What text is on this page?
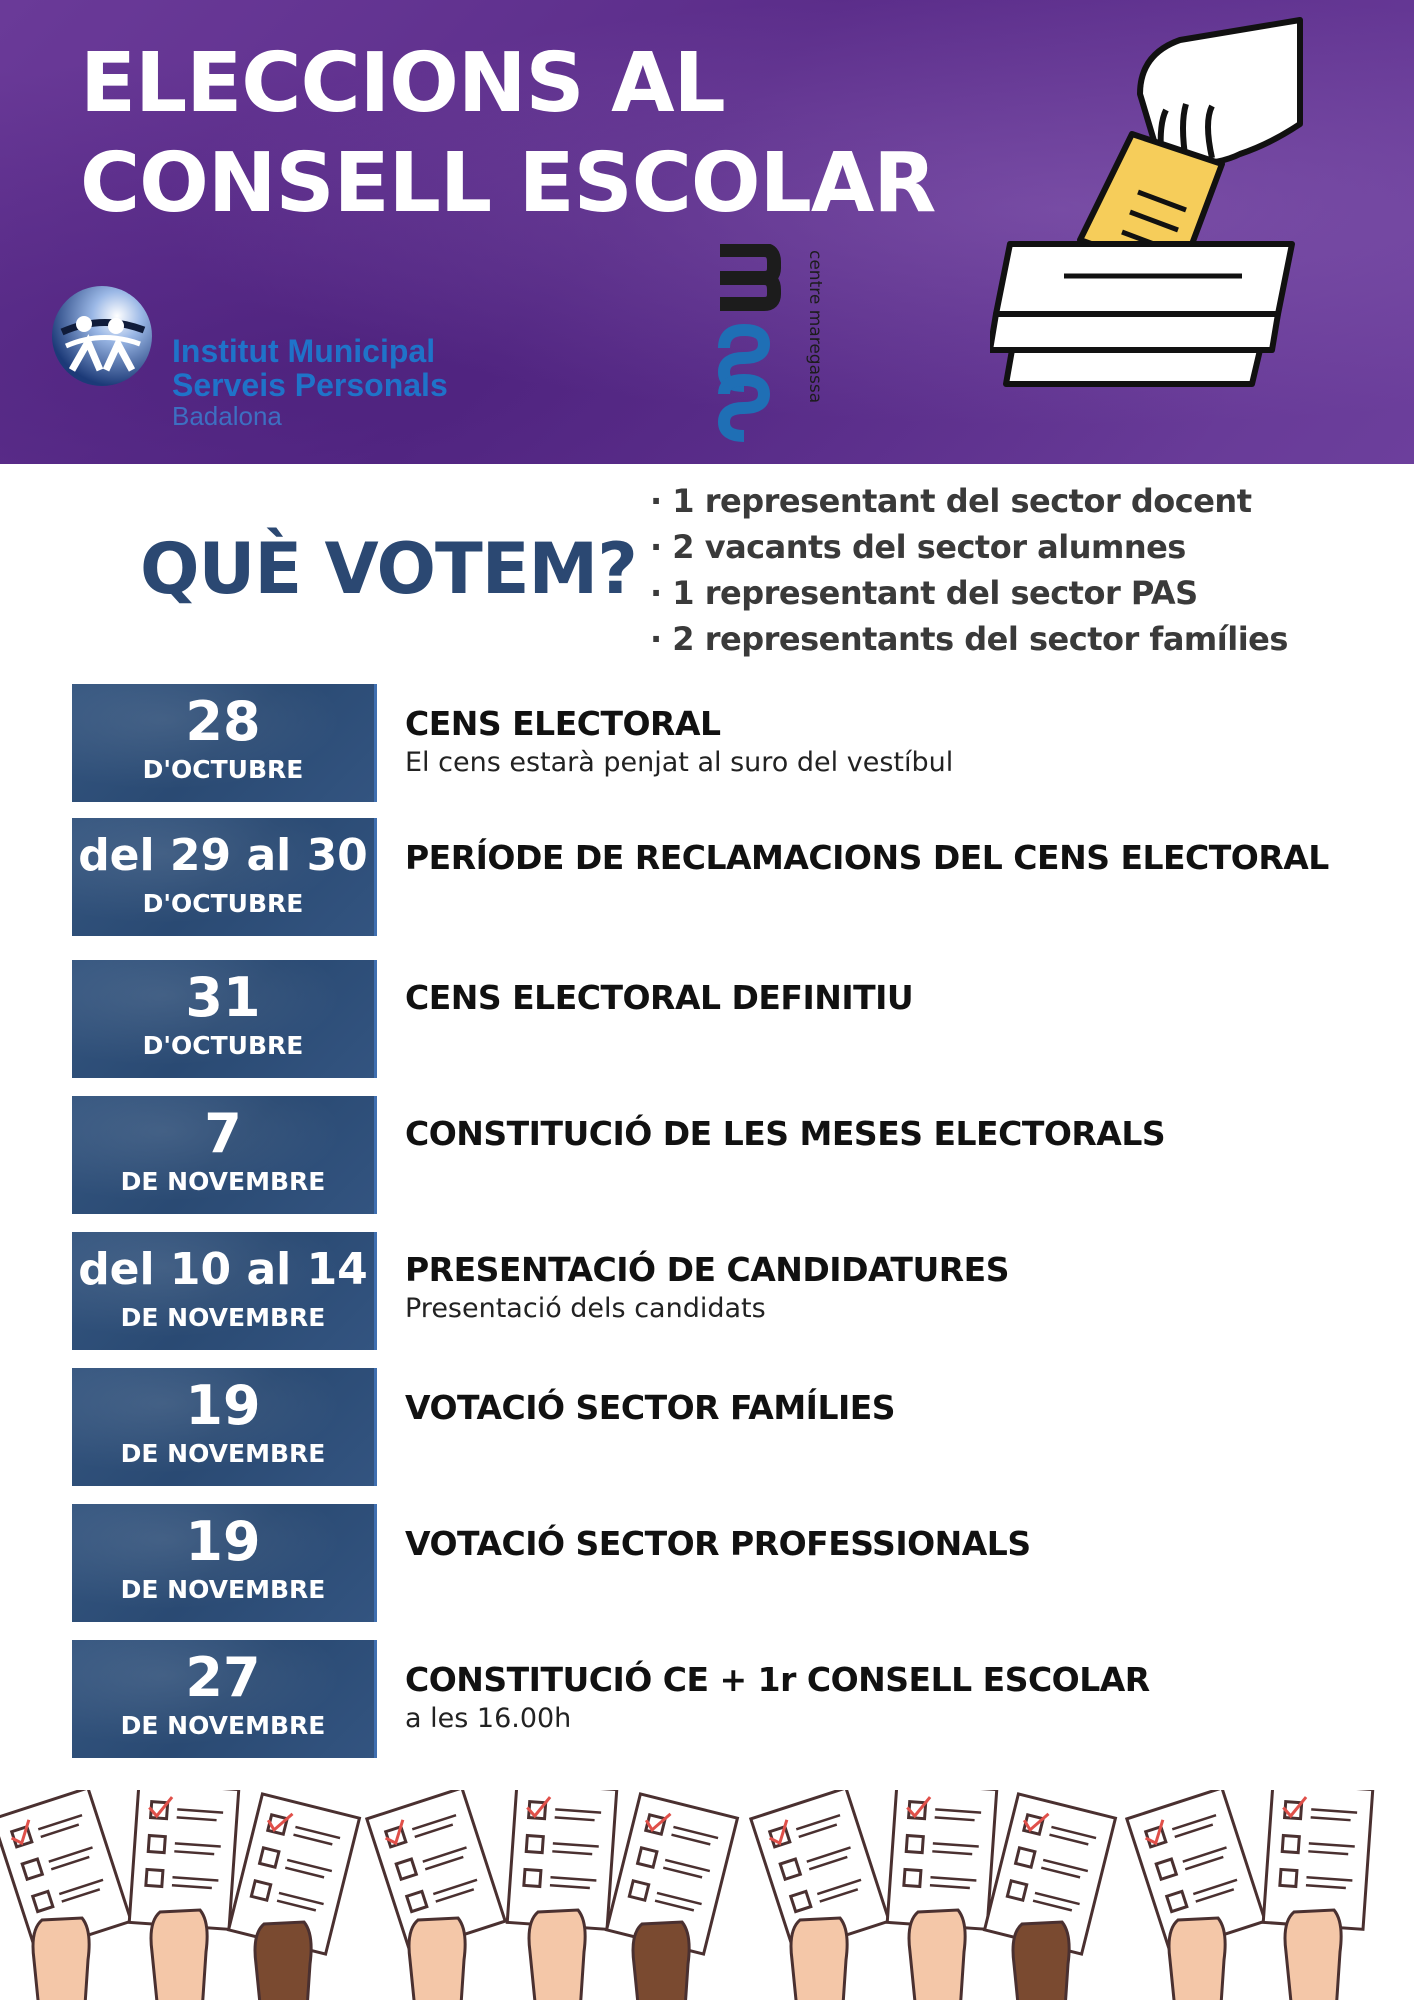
ELECCIONS AL
CONSELL ESCOLAR
Institut Municipal
Serveis Personals
Badalona
centre maregassa
QUÈ VOTEM?
· 1 representant del sector docent
· 2 vacants del sector alumnes
· 1 representant del sector PAS
· 2 representants del sector famílies
28
D'OCTUBRE
CENS ELECTORAL
El cens estarà penjat al suro del vestíbul
del 29 al 30
D'OCTUBRE
PERÍODE DE RECLAMACIONS DEL CENS ELECTORAL
31
D'OCTUBRE
CENS ELECTORAL DEFINITIU
7
DE NOVEMBRE
CONSTITUCIÓ DE LES MESES ELECTORALS
del 10 al 14
DE NOVEMBRE
PRESENTACIÓ DE CANDIDATURES
Presentació dels candidats
19
DE NOVEMBRE
VOTACIÓ SECTOR FAMÍLIES
19
DE NOVEMBRE
VOTACIÓ SECTOR PROFESSIONALS
27
DE NOVEMBRE
CONSTITUCIÓ CE + 1r CONSELL ESCOLAR
a les 16.00h
